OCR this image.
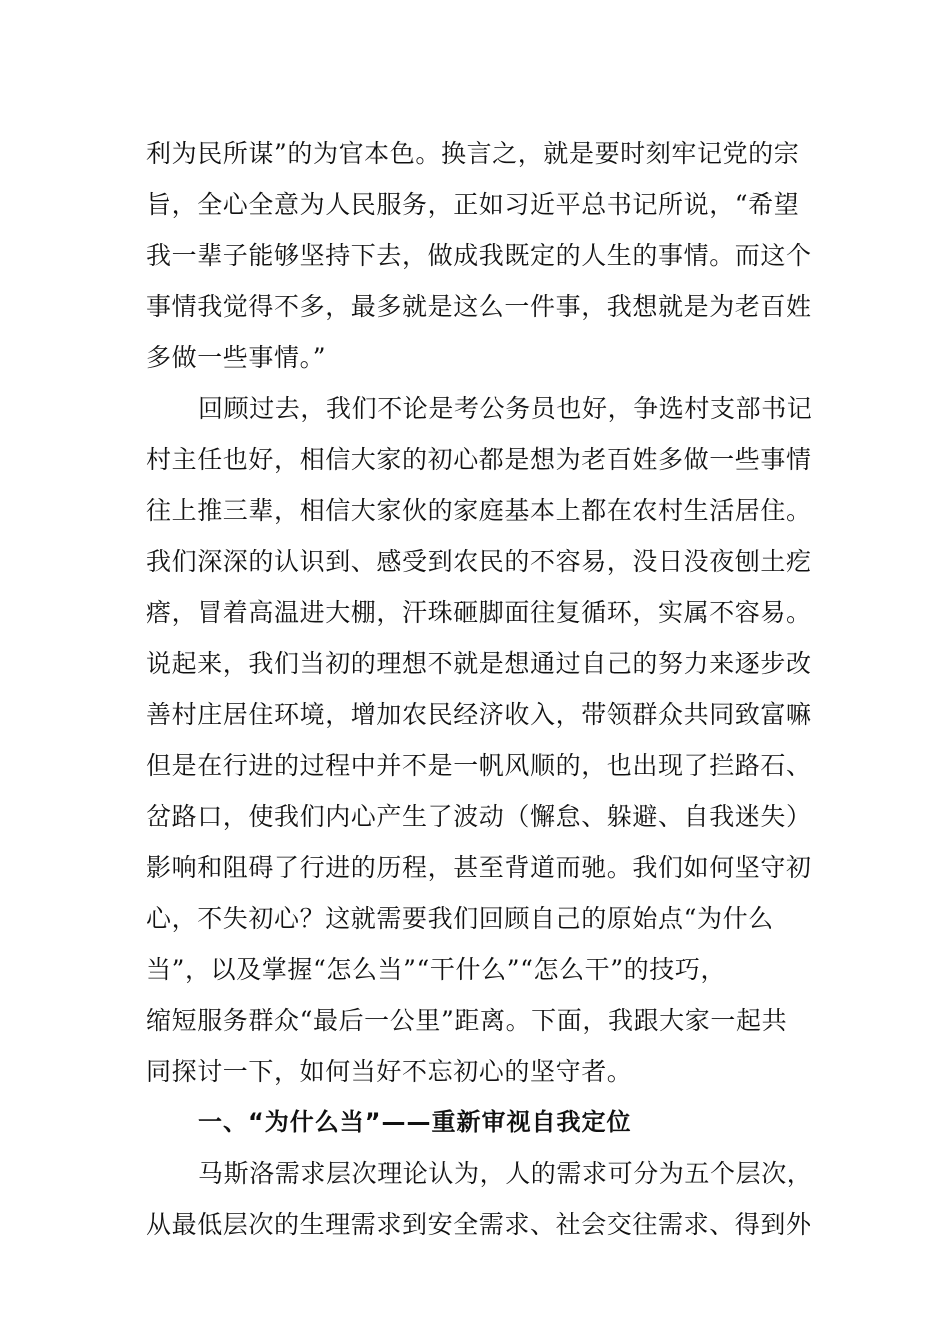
利为民所谋”的为官本色。换言之，就是要时刻牢记党的宗
旨，全心全意为人民服务，正如习近平总书记所说，“希望
我一辈子能够坚持下去，做成我既定的人生的事情。而这个
事情我觉得不多，最多就是这么一件事，我想就是为老百姓
多做一些事情。”
回顾过去，我们不论是考公务员也好，争选村支部书记
村主任也好，相信大家的初心都是想为老百姓多做一些事情
往上推三辈，相信大家伙的家庭基本上都在农村生活居住。
我们深深的认识到、感受到农民的不容易，没日没夜刨土疙
瘩，冒着高温进大棚，汗珠砸脚面往复循环，实属不容易。
说起来，我们当初的理想不就是想通过自己的努力来逐步改
善村庄居住环境，增加农民经济收入，带领群众共同致富嘛
但是在行进的过程中并不是一帆风顺的，也出现了拦路石、
岔路口，使我们内心产生了波动（懈怠、躲避、自我迷失）
影响和阻碍了行进的历程，甚至背道而驰。我们如何坚守初
心，不失初心？这就需要我们回顾自己的原始点“为什么
当”，以及掌握“怎么当”“干什么”“怎么干”的技巧，
缩短服务群众“最后一公里”距离。下面，我跟大家一起共
同探讨一下，如何当好不忘初心的坚守者。
一、“为什么当”——重新审视自我定位
马斯洛需求层次理论认为，人的需求可分为五个层次，
从最低层次的生理需求到安全需求、社会交往需求、得到外
